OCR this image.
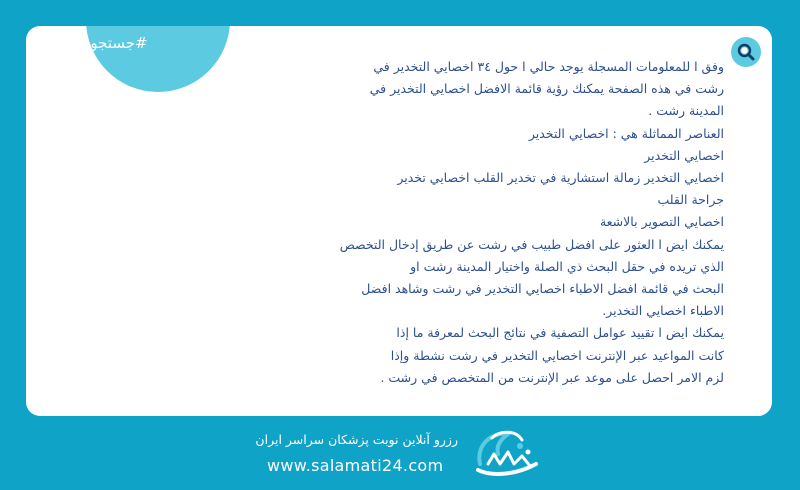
#جستجو
وفق ا للمعلومات المسجلة يوجد حالي ا حول ٣٤ اخصايي التخدير في
رشت في هذه الصفحة يمكنك رؤية قائمة الافضل اخصايي التخدير في
المدينة رشت .
العناصر المماثلة هي : اخصايي التخدير
اخصايي التخدير
اخصايي التخدير زمالة استشارية في تخدير القلب اخصايي تخدير
جراحة القلب
اخصايي التصوير بالاشعة
يمكنك ايض ا العثور على افضل طبيب في رشت عن طريق إدخال التخصص
الذي تريده في حقل البحث ذي الصلة واختيار المدينة رشت او
البحث في قائمة افضل الاطباء اخصايي التخدير في رشت وشاهد افضل
الاطباء اخصايي التخدير.
يمكنك ايض ا تقييد عوامل التصفية في نتائج البحث لمعرفة ما إذا
كانت المواعيد عبر الإنترنت اخصايي التخدير في رشت نشطة وإذا
لزم الامر احصل على موعد عبر الإنترنت من المتخصص في رشت .
رزرو آنلاین نوبت پزشکان سراسر ایران
www.salamati24.com
